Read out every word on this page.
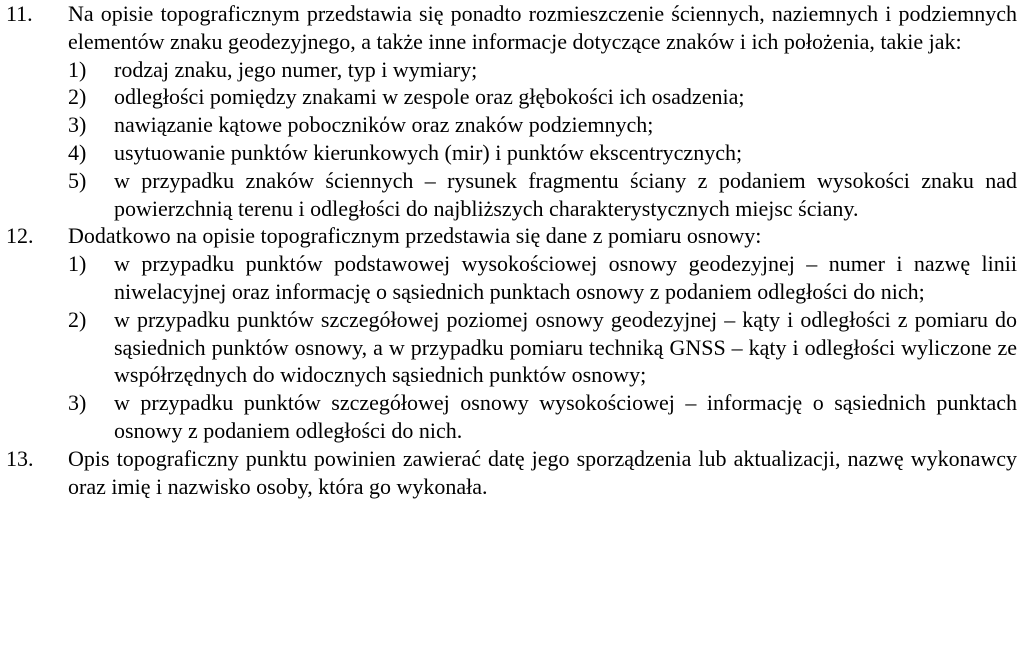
11. Na opisie topograficznym przedstawia się ponadto rozmieszczenie ściennych, naziemnych i podziemnych elementów znaku geodezyjnego, a także inne informacje dotyczące znaków i ich położenia, takie jak:

1) rodzaj znaku, jego numer, typ i wymiary;

2) odległości pomiędzy znakami w zespole oraz głębokości ich osadzenia;

3) nawiązanie kątowe pobocznikόw oraz znaków podziemnych;

4) usytuowanie punktów kierunkowych (mir) i punktów ekscentrycznych;

5) w przypadku znaków ściennych – rysunek fragmentu ściany z podaniem wysokości znaku nad powierzchnią terenu i odległości do najbliższych charakterystycznych miejsc ściany.

12. Dodatkowo na opisie topograficznym przedstawia się dane z pomiaru osnowy:

1) w przypadku punktów podstawowej wysokościowej osnowy geodezyjnej – numer i nazwę linii niwelacyjnej oraz informację o sąsiednich punktach osnowy z podaniem odległości do nich;

2) w przypadku punktów szczegółowej poziomej osnowy geodezyjnej – kąty i odległości z pomiaru do sąsiednich punktów osnowy, a w przypadku pomiaru techniką GNSS – kąty i odległości wyliczone ze współrzędnych do widocznych sąsiednich punktów osnowy;

3) w przypadku punktów szczegółowej osnowy wysokościowej – informację o sąsiednich punktach osnowy z podaniem odległości do nich.

13. Opis topograficzny punktu powinien zawierać datę jego sporządzenia lub aktualizacji, nazwę wykonawcy oraz imię i nazwisko osoby, która go wykonała.
